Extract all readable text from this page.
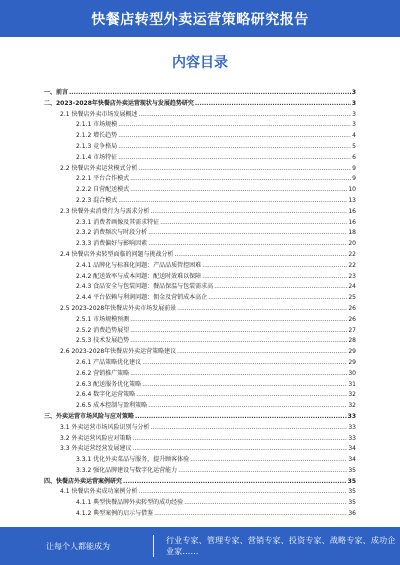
快餐店转型外卖运营策略研究报告
内容目录
一、前言 .....	3
二、2023-2028年快餐店外卖运营现状与发展趋势研究 .....	3
2.1 快餐店外卖市场发展概述 .....	3
2.1.1 市场规模 .....	3
2.1.2 增长趋势 .....	4
2.1.3 竞争格局 .....	5
2.1.4 市场特征 .....	6
2.2 快餐店外卖运营模式分析 .....	9
2.2.1 平台合作模式 .....	9
2.2.2 自营配送模式 .....	10
2.2.3 混合模式 .....	13
2.3 快餐外卖消费行为与需求分析 .....	16
2.3.1 消费者画像及其需求特征 .....	16
2.3.2 消费频次与时段分析 .....	18
2.3.3 消费偏好与影响因素 .....	20
2.4 快餐店外卖转型面临的问题与挑战分析 .....	22
2.4.1 品牌化与标准化问题：产品品质管控困难 .....	22
2.4.2 配送效率与成本问题：配送时效难以保障 .....	23
2.4.3 食品安全与包装问题：餐品保温与包装需求高 .....	24
2.4.4 平台依赖与利润问题：佣金及营销成本高企 .....	25
2.5 2023-2028年快餐店外卖市场发展前景 .....	26
2.5.1 市场规模预测 .....	26
2.5.2 消费趋势展望 .....	27
2.5.3 技术发展趋势 .....	28
2.6 2023-2028年快餐店外卖运营策略建议 .....	29
2.6.1 产品策略优化建议 .....	29
2.6.2 营销推广策略 .....	30
2.6.3 配送服务优化策略 .....	31
2.6.4 数字化运营策略 .....	32
2.6.5 成本控制与盈利策略 .....	32
三、外卖运营市场风险与应对策略 .....	33
3.1 外卖运营市场风险识别与分析 .....	33
3.2 外卖运营风险应对策略 .....	33
3.3 外卖运营经营发展建议 .....	34
3.3.1 优化外卖菜品与服务，提升顾客体验 .....	34
3.3.2 强化品牌建设与数字化运营能力 .....	35
四、快餐店外卖运营案例研究 .....	35
4.1 快餐店外卖成功案例分析 .....	35
4.1.1 典型快餐品牌外卖转型的成功经验 .....	35
4.1.2 典型案例的启示与借鉴 .....	36
让每个人都能成为
行业专家、管理专家、营销专家、投资专家、战略专家、成功企业家……
